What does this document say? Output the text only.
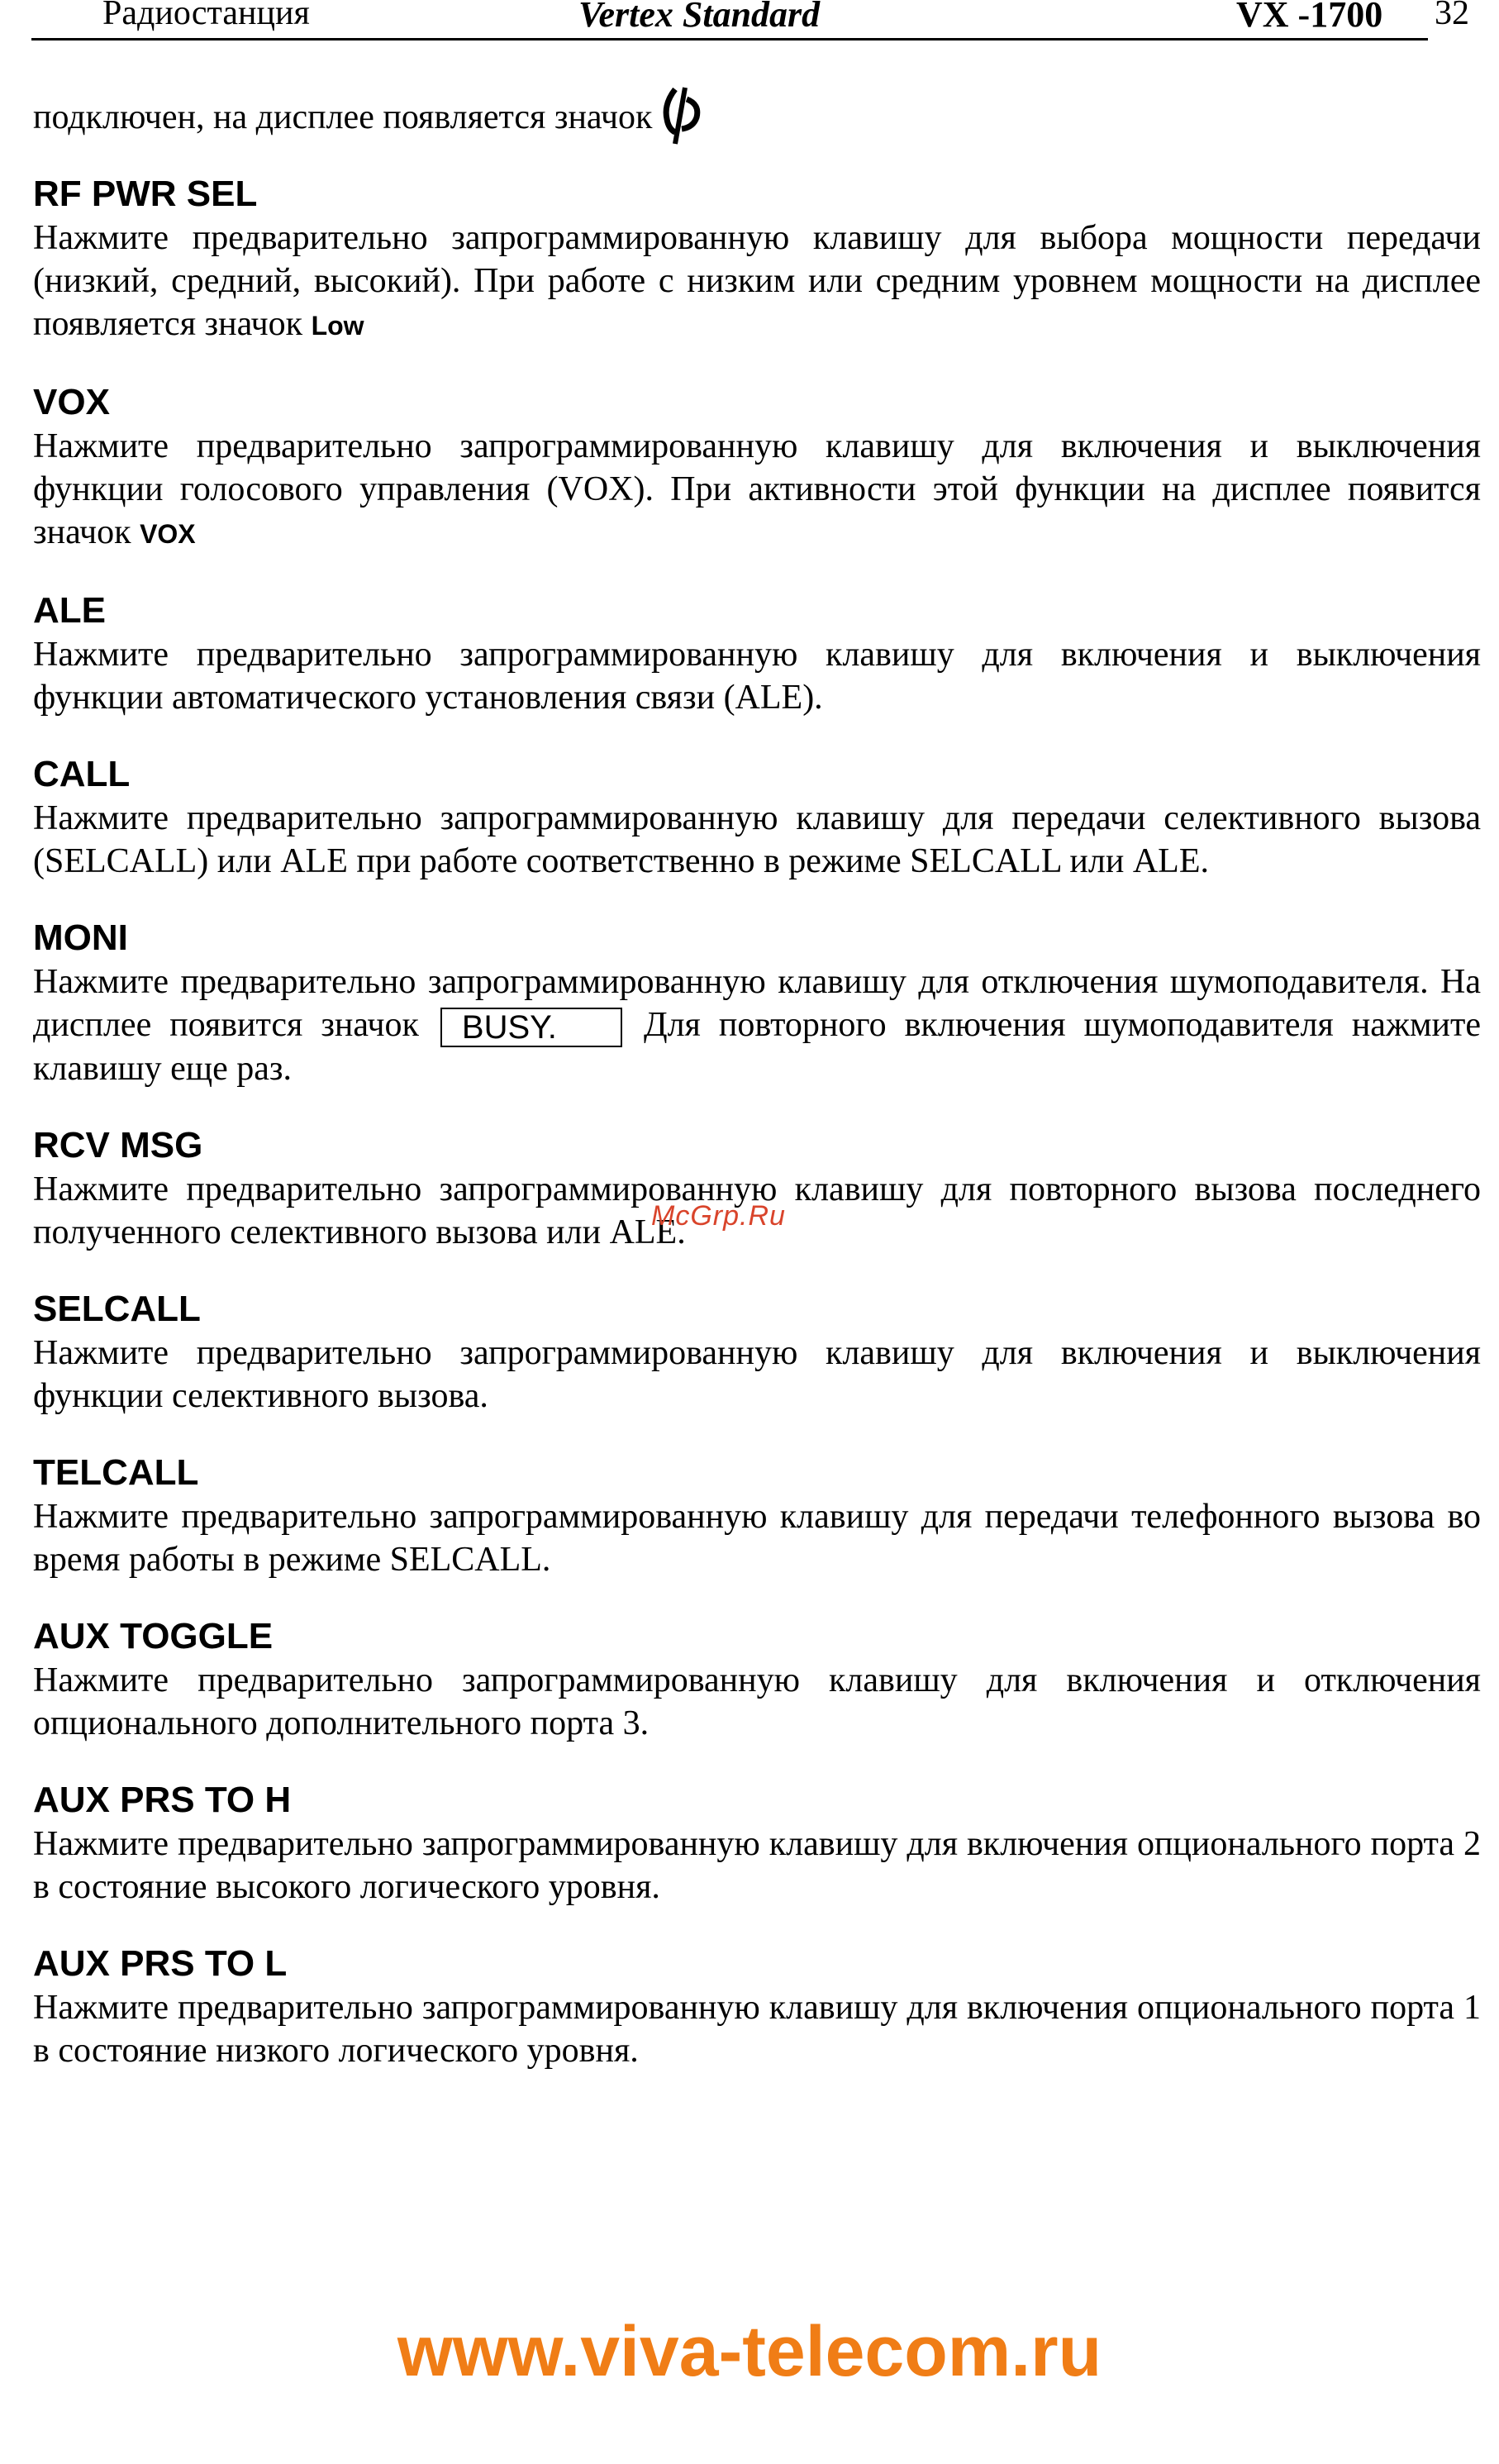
Радиостанция	Vertex Standard	VX -1700 32
подключен, на дисплее появляется значок
RF PWR SEL
Нажмите предварительно запрограммированную клавишу для выбора мощности передачи (низкий, средний, высокий). При работе с низким или средним уровнем мощности на дисплее появляется значок Low
VOX
Нажмите предварительно запрограммированную клавишу для включения и выключения функции голосового управления (VOX). При активности этой функции на дисплее появится значок VOX
ALE
Нажмите предварительно запрограммированную клавишу для включения и выключения функции автоматического установления связи (ALE).
CALL
Нажмите предварительно запрограммированную клавишу для передачи селективного вызова (SELCALL) или ALE при работе соответственно в режиме SELCALL или ALE.
MONI
Нажмите предварительно запрограммированную клавишу для отключения шумоподавителя. На дисплее появится значок BUSY.	Для повторного включения шумоподавителя нажмите клавишу еще раз.
RCV MSG
Нажмите предварительно запрограммированную клавишу для повторного вызова последнего полученного селективного вызова или ALE.
SELCALL
Нажмите предварительно запрограммированную клавишу для включения и выключения функции селективного вызова.
TELCALL
Нажмите предварительно запрограммированную клавишу для передачи телефонного вызова во время работы в режиме SELCALL.
AUX TOGGLE
Нажмите предварительно запрограммированную клавишу для включения и отключения опционального дополнительного порта 3.
AUX PRS TO H
Нажмите предварительно запрограммированную клавишу для включения опционального порта 2 в состояние высокого логического уровня.
AUX PRS TO L
Нажмите предварительно запрограммированную клавишу для включения опционального порта 1 в состояние низкого логического уровня.
McGrp.Ru
www.viva-telecom.ru
